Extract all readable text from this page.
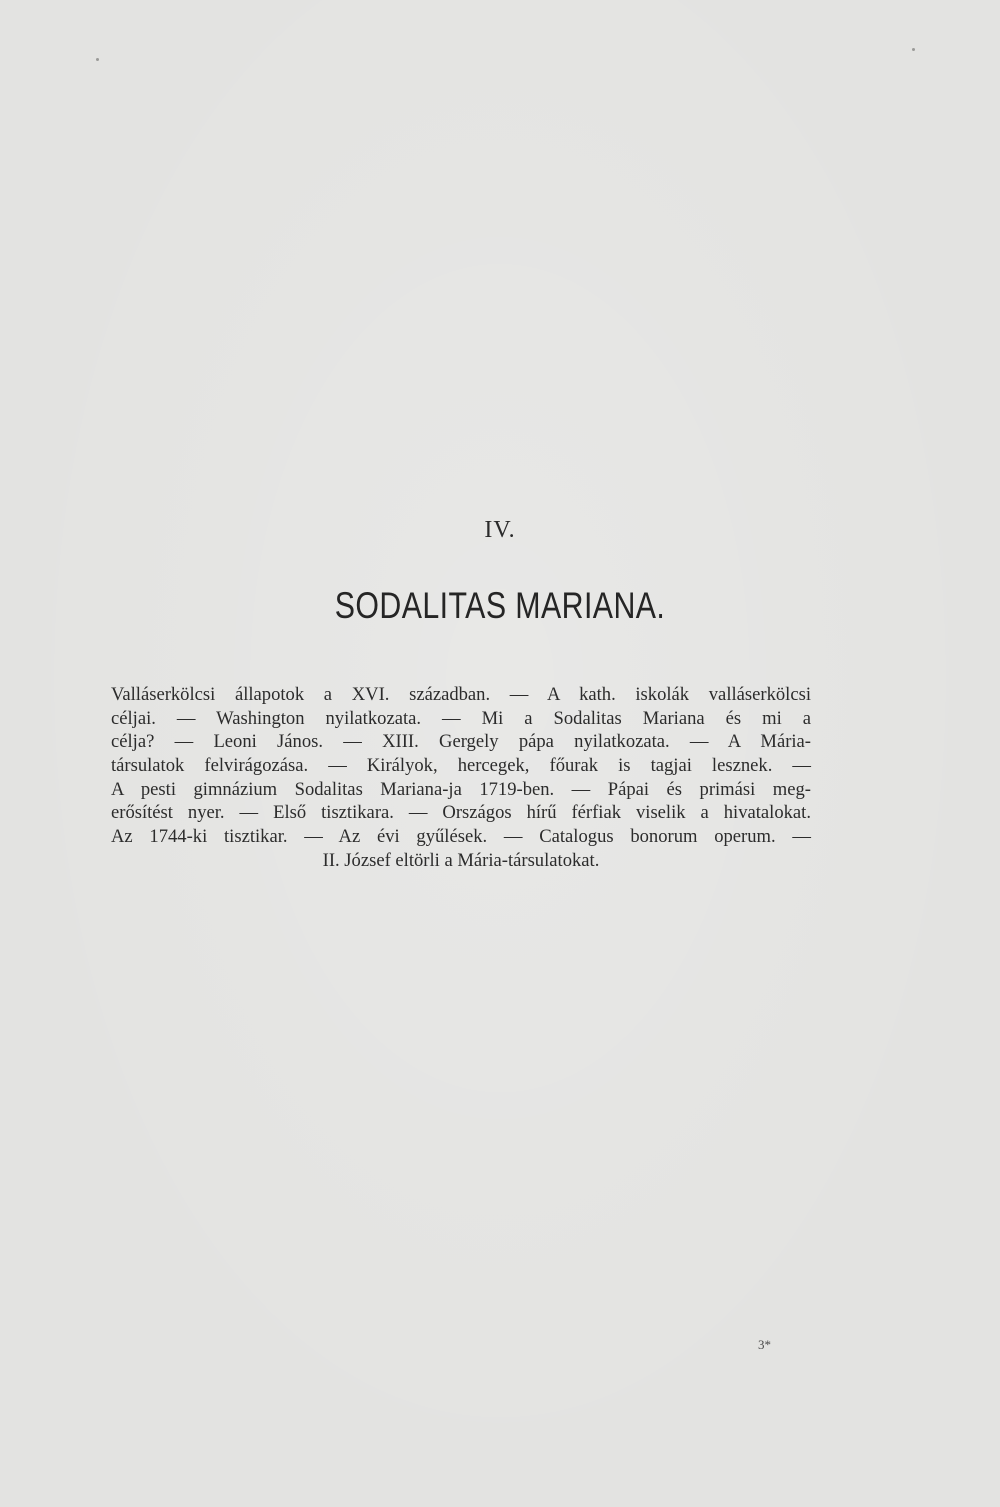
IV.
SODALITAS MARIANA.
Valláserkölcsi állapotok a XVI. században. — A kath. iskolák valláserkölcsi
céljai. — Washington nyilatkozata. — Mi a Sodalitas Mariana és mi a
célja? — Leoni János. — XIII. Gergely pápa nyilatkozata. — A Mária-
társulatok felvirágozása. — Királyok, hercegek, főurak is tagjai lesznek. —
A pesti gimnázium Sodalitas Mariana-ja 1719-ben. — Pápai és primási meg-
erősítést nyer. — Első tisztikara. — Országos hírű férfiak viselik a hivatalokat.
Az 1744-ki tisztikar. — Az évi gyűlések. — Catalogus bonorum operum. —
II. József eltörli a Mária-társulatokat.
3*
